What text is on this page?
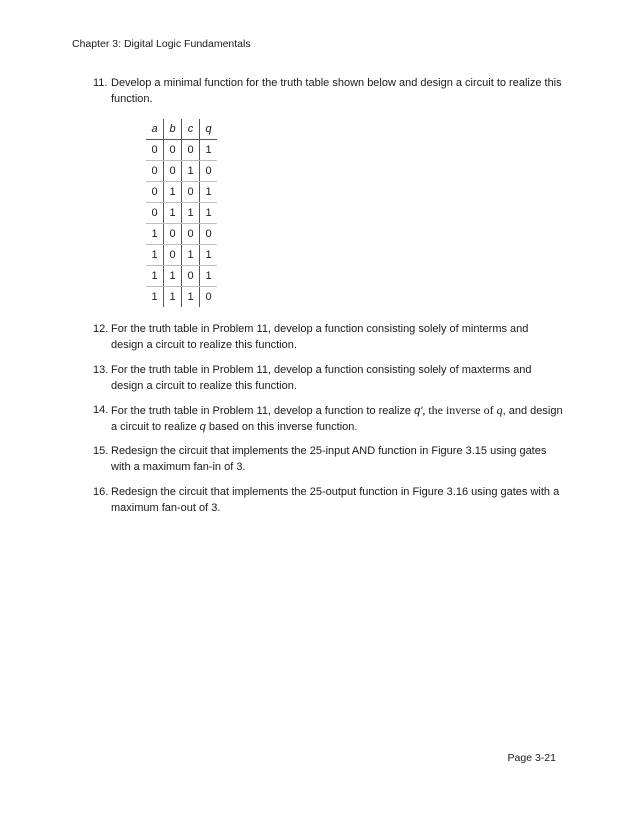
Chapter 3: Digital Logic Fundamentals
11. Develop a minimal function for the truth table shown below and design a circuit to realize this function.
a	b	c	q
0	0	0	1
0	0	1	0
0	1	0	1
0	1	1	1
1	0	0	0
1	0	1	1
1	1	0	1
1	1	1	0
12. For the truth table in Problem 11, develop a function consisting solely of minterms and design a circuit to realize this function.
13. For the truth table in Problem 11, develop a function consisting solely of maxterms and design a circuit to realize this function.
14. For the truth table in Problem 11, develop a function to realize q', the inverse of q, and design a circuit to realize q based on this inverse function.
15. Redesign the circuit that implements the 25-input AND function in Figure 3.15 using gates with a maximum fan-in of 3.
16. Redesign the circuit that implements the 25-output function in Figure 3.16 using gates with a maximum fan-out of 3.
Page 3-21
